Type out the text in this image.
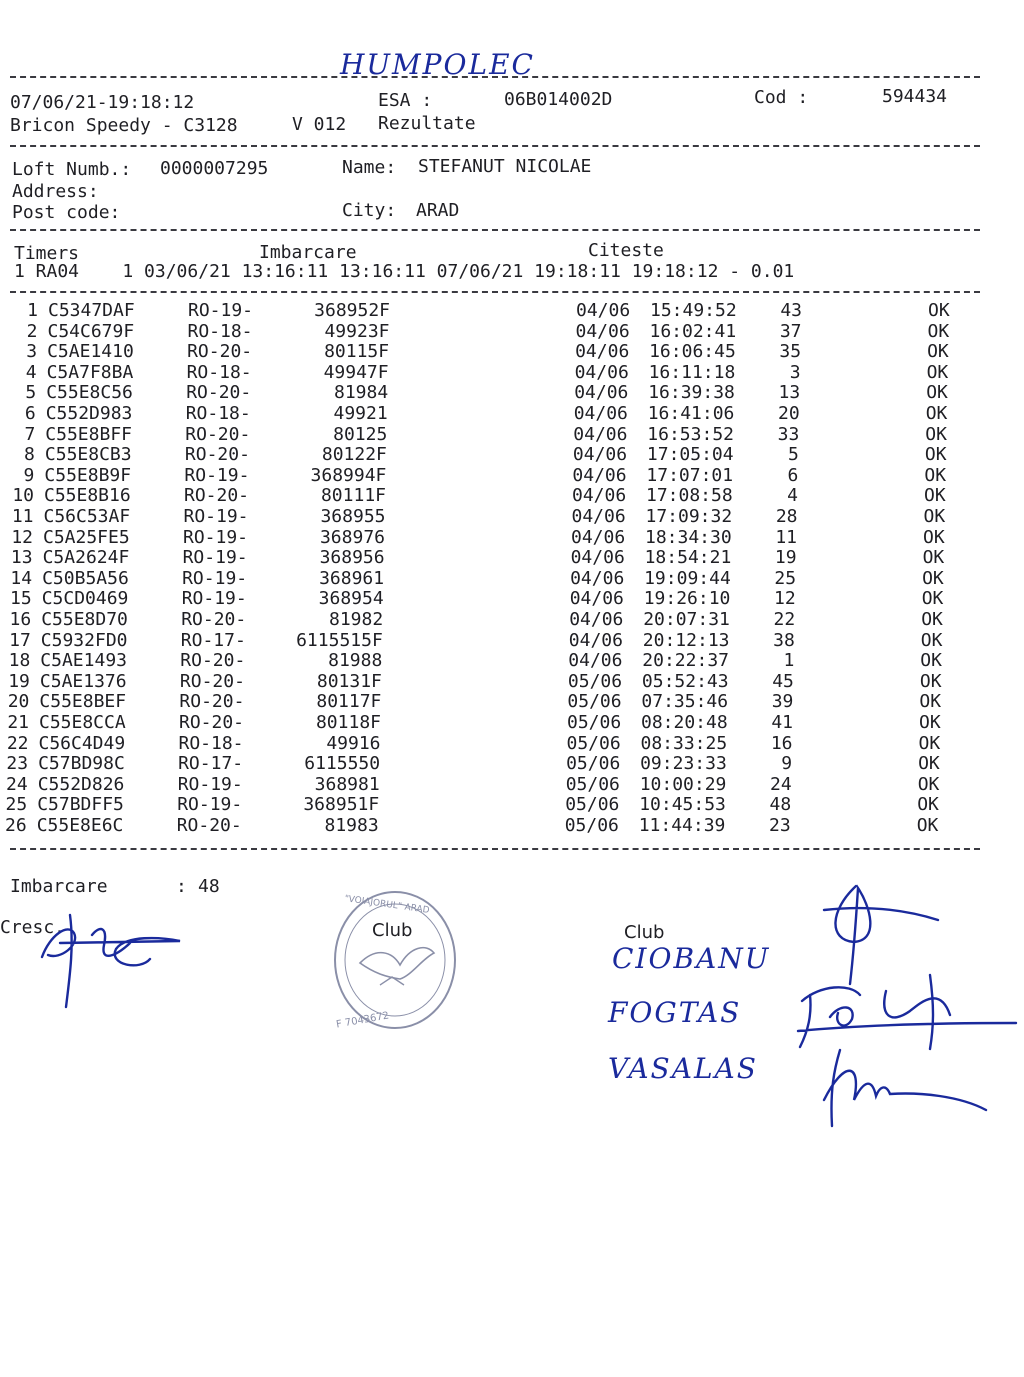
HUMPOLEC
07/06/21-19:18:12	ESA :	06B014002D	Cod :	594434
Bricon Speedy - C3128	V 012 Rezultate
Loft Numb.: 0000007295	Name: STEFANUT NICOLAE
Address:
Post code:	City: ARAD
Timers	Imbarcare	Citeste
1 RA04    1 03/06/21 13:16:11 13:16:11 07/06/21 19:18:11 19:18:12 - 0.01
1 C5347DAF	RO-19-	368952F	04/06 15:49:52	43	OK
2 C54C679F	RO-18-	49923F	04/06 16:02:41	37	OK
3 C5AE1410	RO-20-	80115F	04/06 16:06:45	35	OK
4 C5A7F8BA	RO-18-	49947F	04/06 16:11:18	3	OK
5 C55E8C56	RO-20-	81984	04/06 16:39:38	13	OK
6 C552D983	RO-18-	49921	04/06 16:41:06	20	OK
7 C55E8BFF	RO-20-	80125	04/06 16:53:52	33	OK
8 C55E8CB3	RO-20-	80122F	04/06 17:05:04	5	OK
9 C55E8B9F	RO-19-	368994F	04/06 17:07:01	6	OK
10 C55E8B16	RO-20-	80111F	04/06 17:08:58	4	OK
11 C56C53AF	RO-19-	368955	04/06 17:09:32	28	OK
12 C5A25FE5	RO-19-	368976	04/06 18:34:30	11	OK
13 C5A2624F	RO-19-	368956	04/06 18:54:21	19	OK
14 C50B5A56	RO-19-	368961	04/06 19:09:44	25	OK
15 C5CD0469	RO-19-	368954	04/06 19:26:10	12	OK
16 C55E8D70	RO-20-	81982	04/06 20:07:31	22	OK
17 C5932FD0	RO-17-	6115515F	04/06 20:12:13	38	OK
18 C5AE1493	RO-20-	81988	04/06 20:22:37	1	OK
19 C5AE1376	RO-20-	80131F	05/06 05:52:43	45	OK
20 C55E8BEF	RO-20-	80117F	05/06 07:35:46	39	OK
21 C55E8CCA	RO-20-	80118F	05/06 08:20:48	41	OK
22 C56C4D49	RO-18-	49916	05/06 08:33:25	16	OK
23 C57BD98C	RO-17-	6115550	05/06 09:23:33	9	OK
24 C552D826	RO-19-	368981	05/06 10:00:29	24	OK
25 C57BDFF5	RO-19-	368951F	05/06 10:45:53	48	OK
26 C55E8E6C	RO-20-	81983	05/06 11:44:39	23	OK
Imbarcare	: 48
Cresc.
"VOIAJORUL" ARAD
Club
F 7043672
Club
CIOBANU
FOGTAS
VASALAS
